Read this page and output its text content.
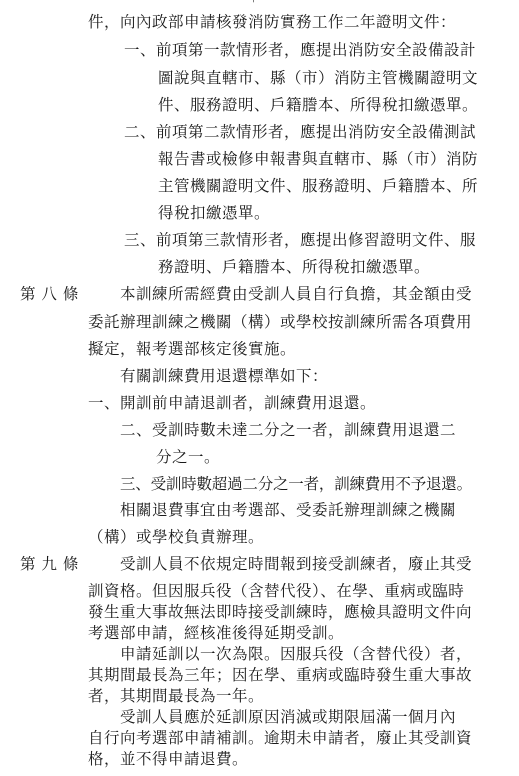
'
件，向內政部申請核發消防實務工作二年證明文件：
一、前項第一款情形者，應提出消防安全設備設計
圖說與直轄市、縣（市）消防主管機關證明文
件、服務證明、戶籍謄本、所得稅扣繳憑單。
二、前項第二款情形者，應提出消防安全設備測試
報告書或檢修申報書與直轄市、縣（市）消防
主管機關證明文件、服務證明、戶籍謄本、所
得稅扣繳憑單。
三、前項第三款情形者，應提出修習證明文件、服
務證明、戶籍謄本、所得稅扣繳憑單。
第 八 條	本訓練所需經費由受訓人員自行負擔，其金額由受
委託辦理訓練之機關（構）或學校按訓練所需各項費用
擬定，報考選部核定後實施。
有關訓練費用退還標準如下：
一、開訓前申請退訓者，訓練費用退還。
二、受訓時數未達二分之一者，訓練費用退還二
分之一。
三、受訓時數超過二分之一者，訓練費用不予退還。
相關退費事宜由考選部、受委託辦理訓練之機關
（構）或學校負責辦理。
第 九 條	受訓人員不依規定時間報到接受訓練者，廢止其受
訓資格。但因服兵役（含替代役）、在學、重病或臨時
發生重大事故無法即時接受訓練時，應檢具證明文件向
考選部申請，經核准後得延期受訓。
申請延訓以一次為限。因服兵役（含替代役）者，
其期間最長為三年；因在學、重病或臨時發生重大事故
者，其期間最長為一年。
受訓人員應於延訓原因消滅或期限屆滿一個月內
自行向考選部申請補訓。逾期未申請者，廢止其受訓資
格，並不得申請退費。
